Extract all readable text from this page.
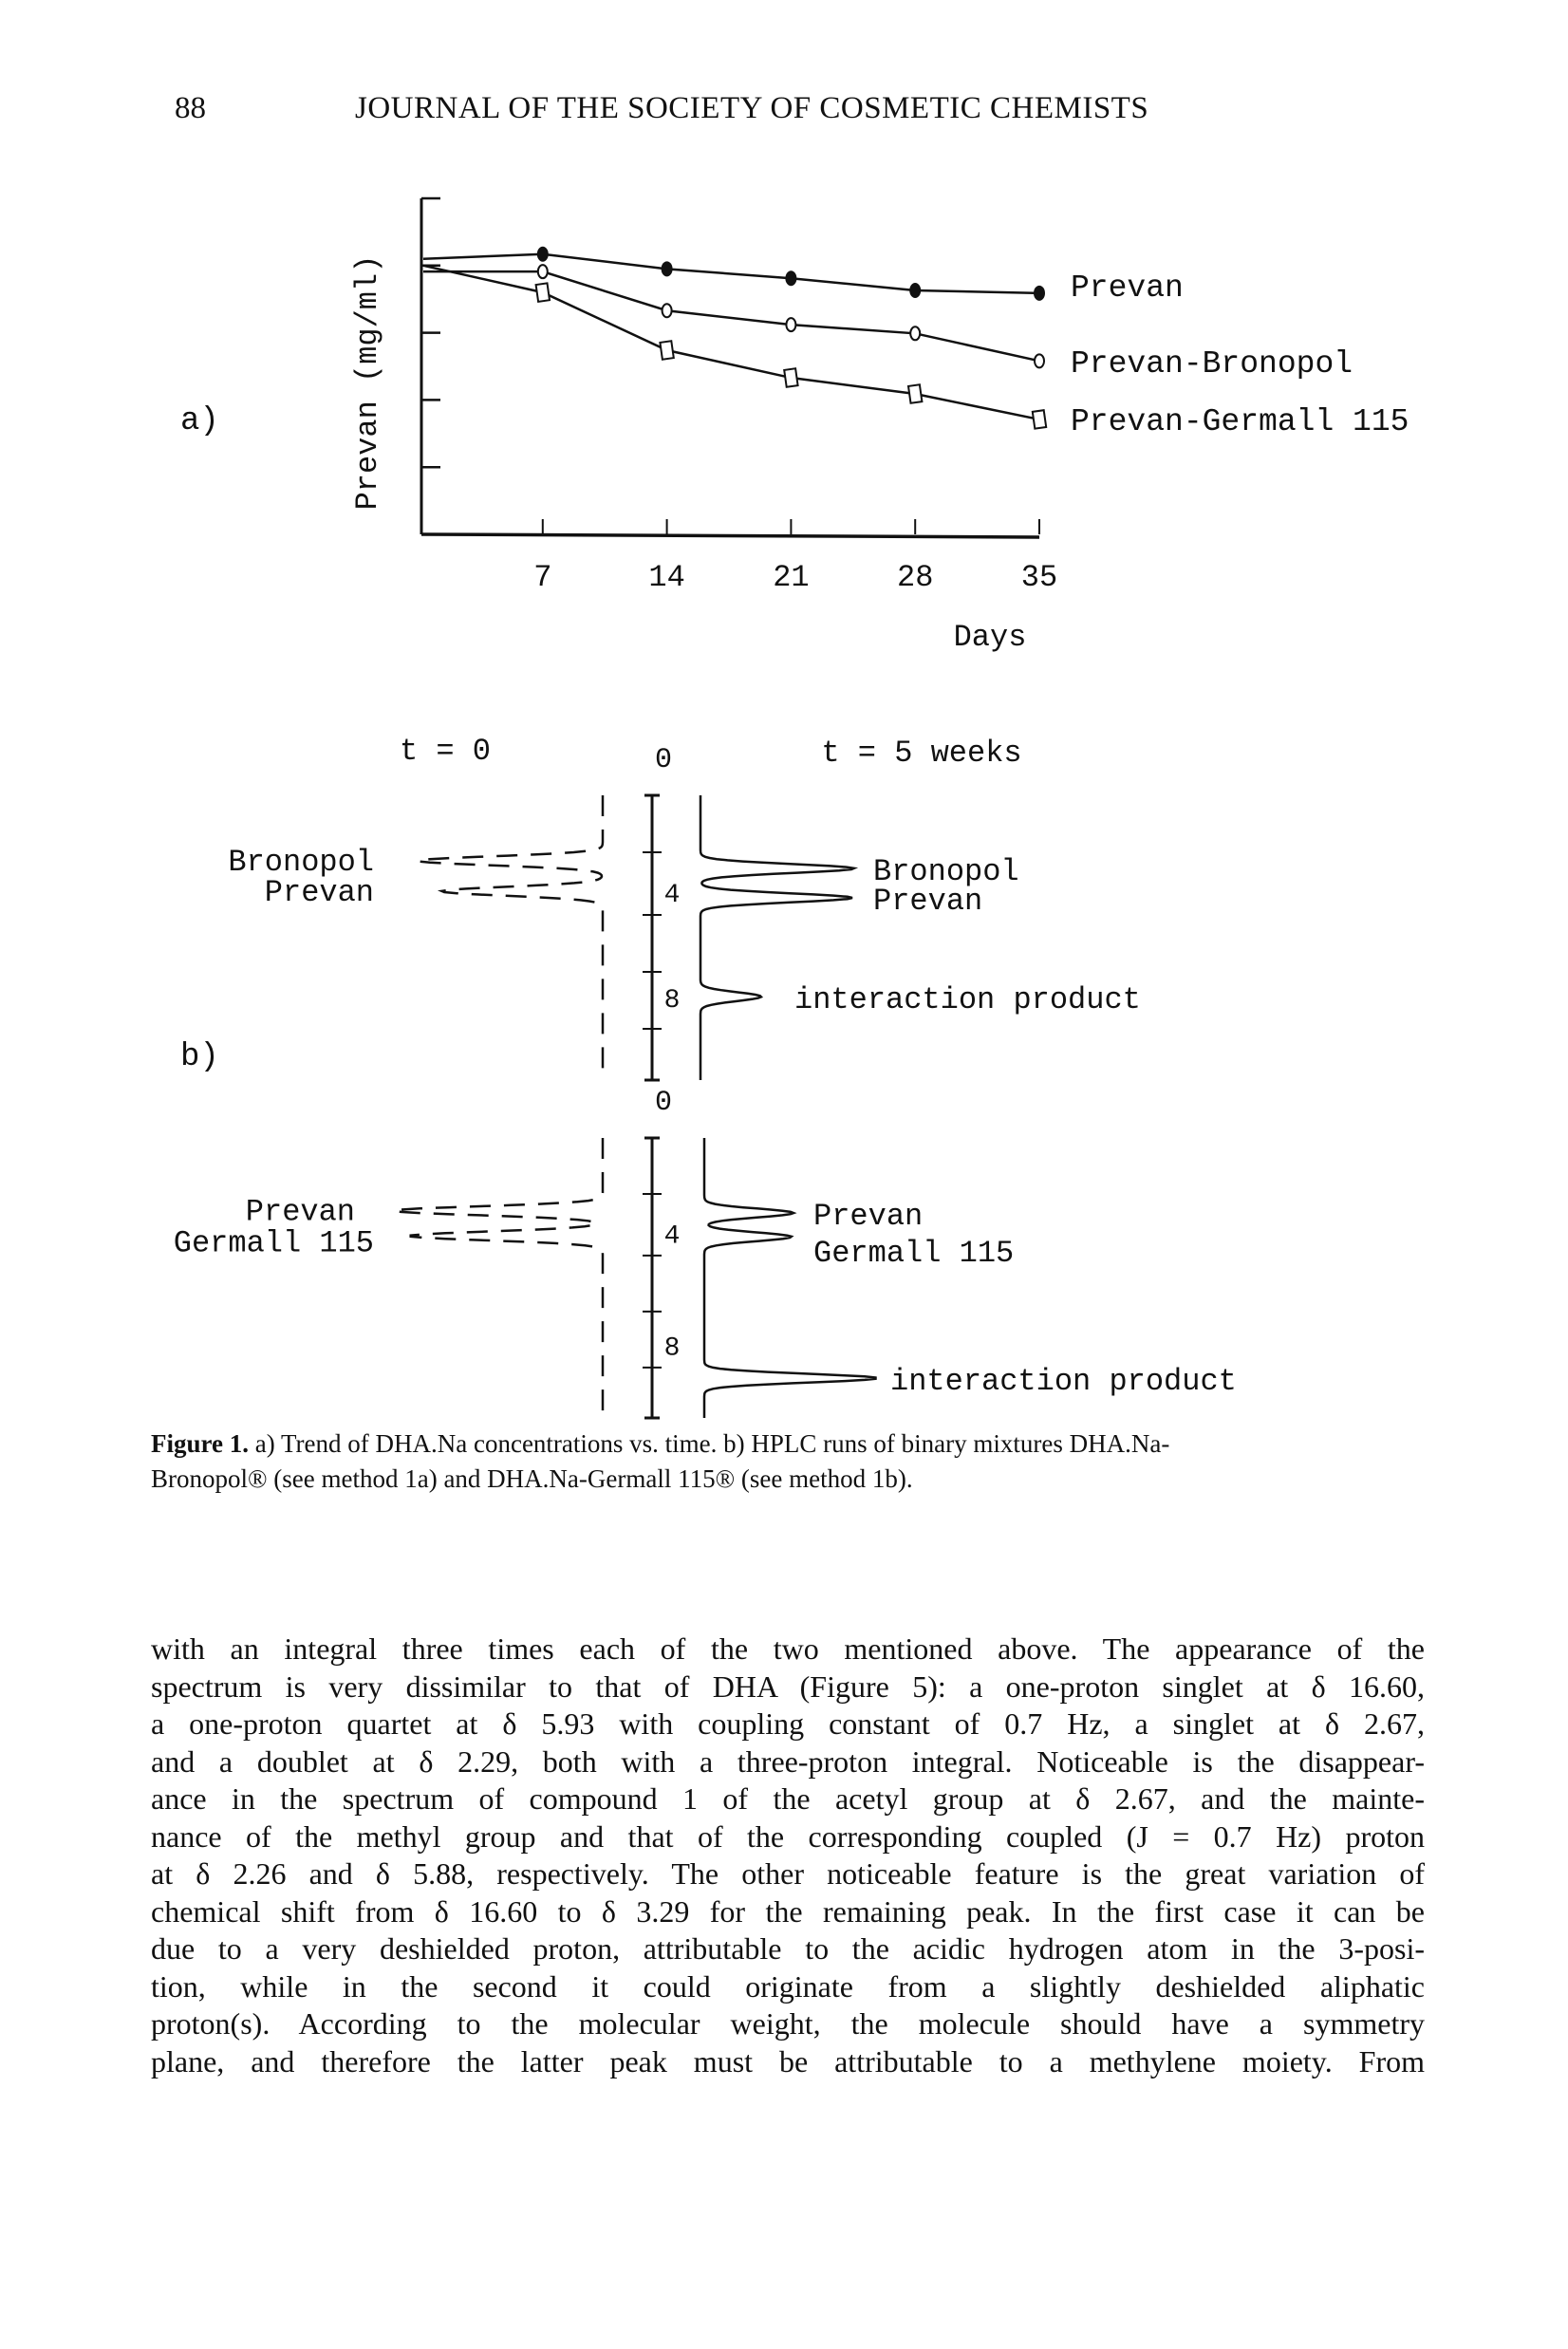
88	JOURNAL OF THE SOCIETY OF COSMETIC CHEMISTS
a)	Prevan (mg/ml)
Days
7	14	21	28	35
Prevan
Prevan-Bronopol
Prevan-Germall 115
b)
t = 0	t = 5 weeks
0
4
8
Bronopol
Prevan
Bronopol
Prevan
interaction product
0
4
8
Prevan
Germall 115
Prevan
Germall 115
interaction product
Figure 1. a) Trend of DHA.Na concentrations vs. time. b) HPLC runs of binary mixtures DHA.Na-
Bronopol® (see method 1a) and DHA.Na-Germall 115® (see method 1b).
with an integral three times each of the two mentioned above. The appearance of the
spectrum is very dissimilar to that of DHA (Figure 5): a one-proton singlet at δ 16.60,
a one-proton quartet at δ 5.93 with coupling constant of 0.7 Hz, a singlet at δ 2.67,
and a doublet at δ 2.29, both with a three-proton integral. Noticeable is the disappear-
ance in the spectrum of compound 1 of the acetyl group at δ 2.67, and the mainte-
nance of the methyl group and that of the corresponding coupled (J = 0.7 Hz) proton
at δ 2.26 and δ 5.88, respectively. The other noticeable feature is the great variation of
chemical shift from δ 16.60 to δ 3.29 for the remaining peak. In the first case it can be
due to a very deshielded proton, attributable to the acidic hydrogen atom in the 3-posi-
tion, while in the second it could originate from a slightly deshielded aliphatic
proton(s). According to the molecular weight, the molecule should have a symmetry
plane, and therefore the latter peak must be attributable to a methylene moiety. From
